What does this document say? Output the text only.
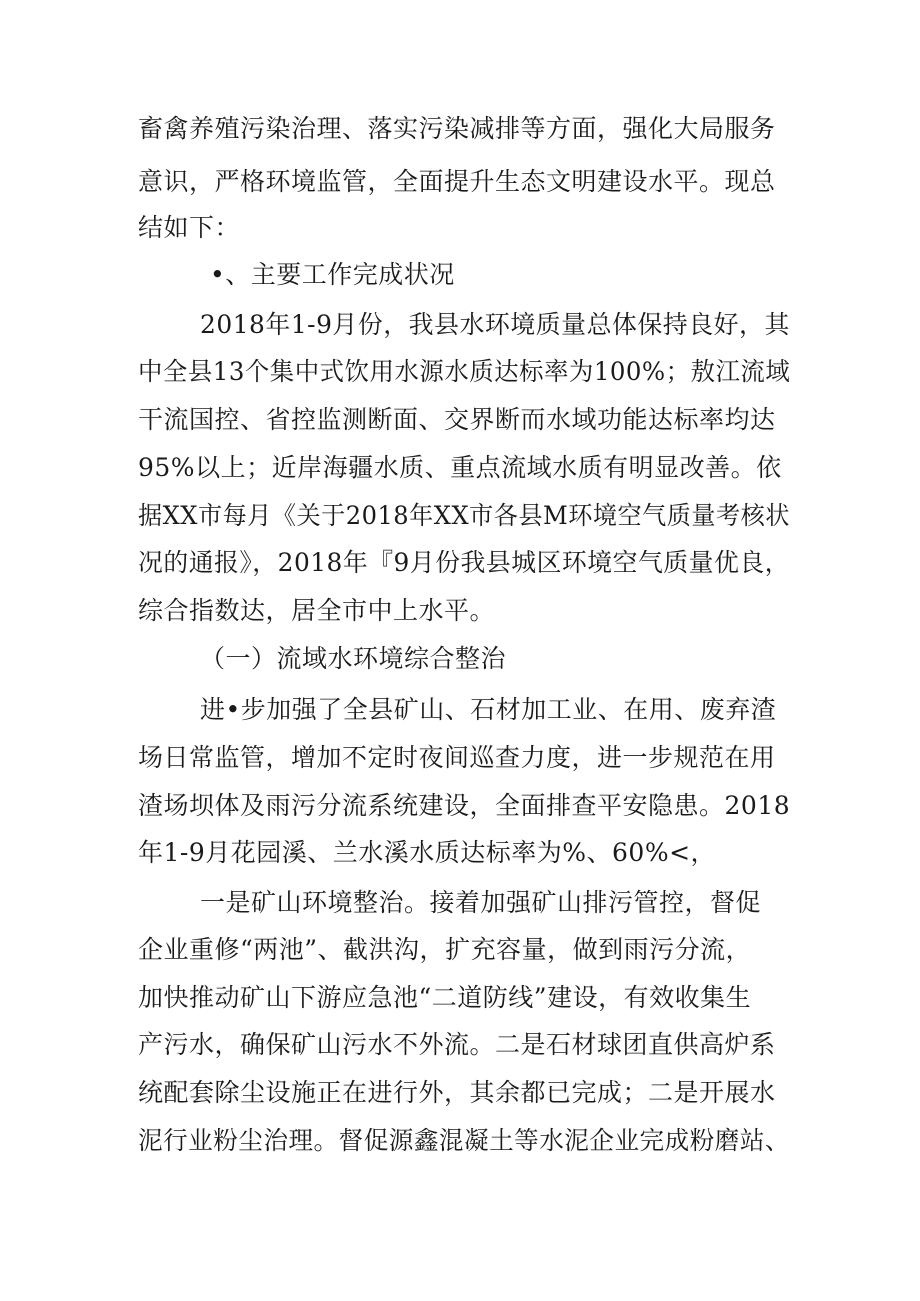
畜禽养殖污染治理、落实污染减排等方面，强化大局服务
意识，严格环境监管，全面提升生态文明建设水平。现总
结如下：
•、主要工作完成状况
2018年1-9月份，我县水环境质量总体保持良好，其
中全县13个集中式饮用水源水质达标率为100%；敖江流域
干流国控、省控监测断面、交界断而水域功能达标率均达
95%以上；近岸海疆水质、重点流域水质有明显改善。依
据XX市每月《关于2018年XX市各县M环境空气质量考核状
况的通报》，2018年『9月份我县城区环境空气质量优良，
综合指数达，居全市中上水平。
（一）流域水环境综合整治
进•步加强了全县矿山、石材加工业、在用、废弃渣
场日常监管，增加不定时夜间巡查力度，进一步规范在用
渣场坝体及雨污分流系统建设，全面排查平安隐患。2018
年1-9月花园溪、兰水溪水质达标率为%、60%<，
一是矿山环境整治。接着加强矿山排污管控，督促
企业重修“两池”、截洪沟，扩充容量，做到雨污分流，
加快推动矿山下游应急池“二道防线”建设，有效收集生
产污水，确保矿山污水不外流。二是石材球团直供高炉系
统配套除尘设施正在进行外，其余都已完成；二是开展水
泥行业粉尘治理。督促源鑫混凝土等水泥企业完成粉磨站、
